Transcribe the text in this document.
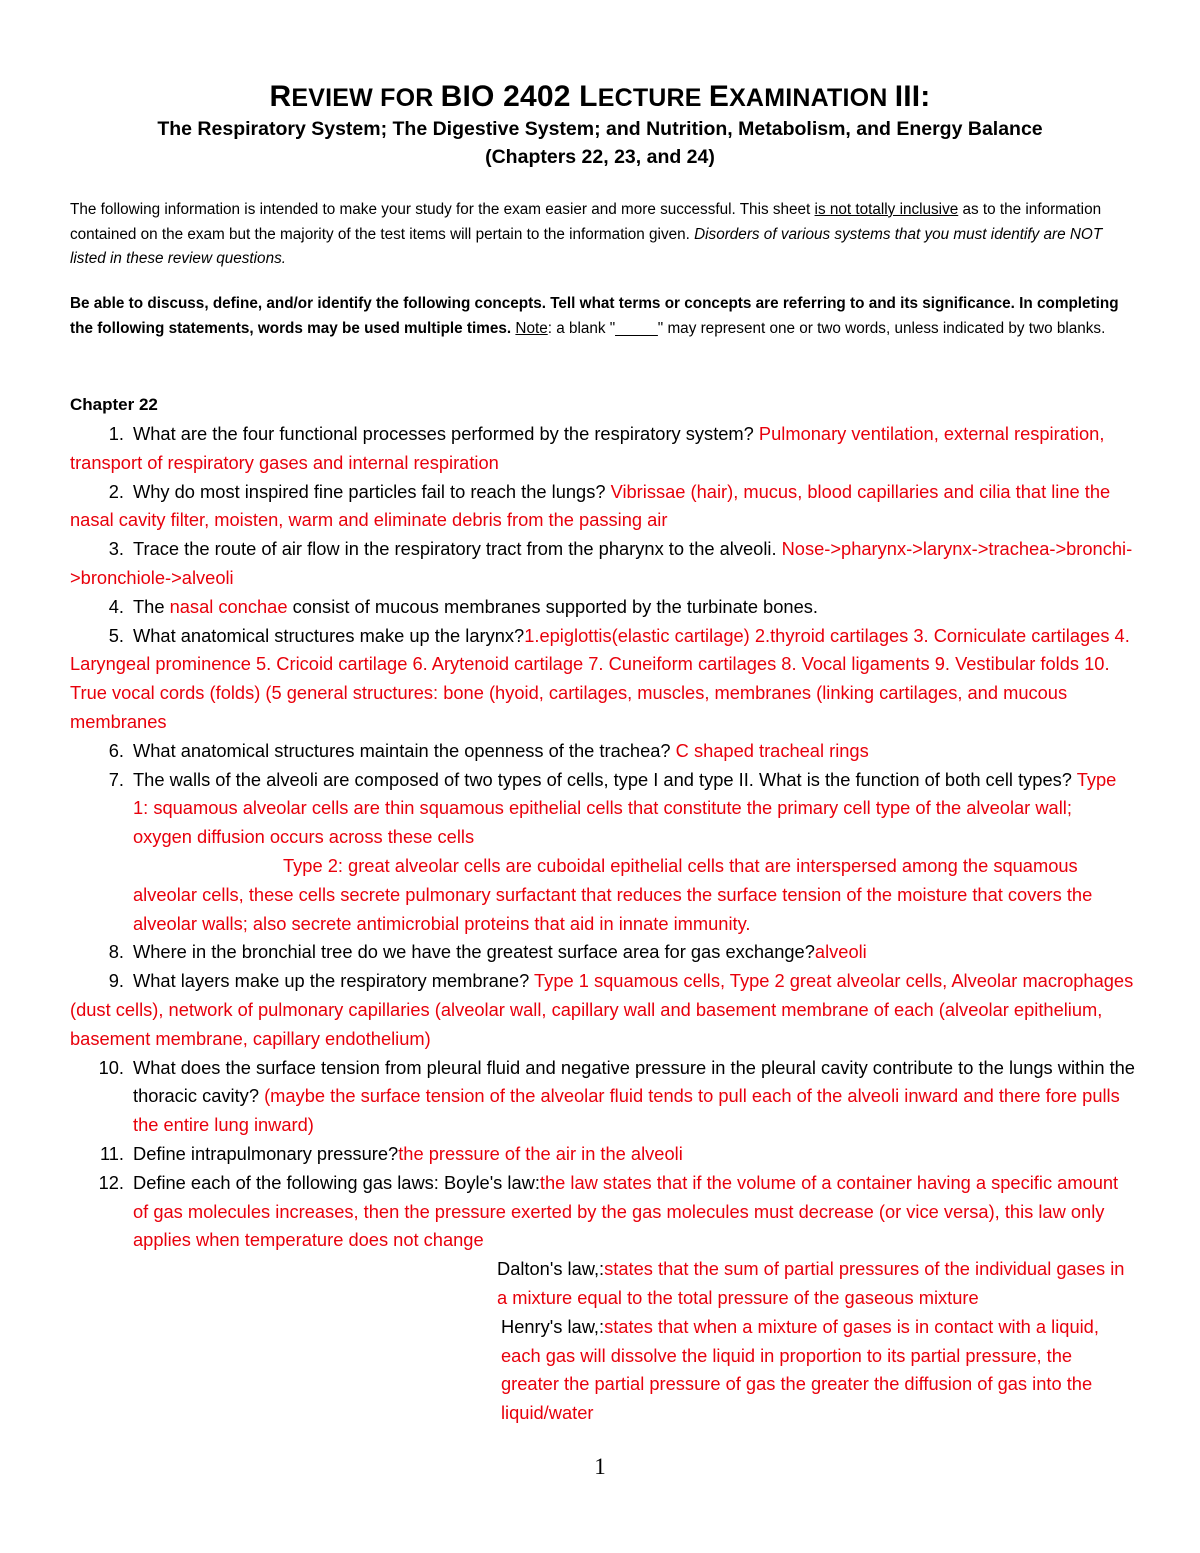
REVIEW FOR BIO 2402 LECTURE EXAMINATION III:
The Respiratory System; The Digestive System; and Nutrition, Metabolism, and Energy Balance
(Chapters 22, 23, and 24)
The following information is intended to make your study for the exam easier and more successful. This sheet is not totally inclusive as to the information contained on the exam but the majority of the test items will pertain to the information given. Disorders of various systems that you must identify are NOT listed in these review questions.
Be able to discuss, define, and/or identify the following concepts. Tell what terms or concepts are referring to and its significance. In completing the following statements, words may be used multiple times. Note: a blank "_____" may represent one or two words, unless indicated by two blanks.
Chapter 22
1. What are the four functional processes performed by the respiratory system? Pulmonary ventilation, external respiration, transport of respiratory gases and internal respiration
2. Why do most inspired fine particles fail to reach the lungs? Vibrissae (hair), mucus, blood capillaries and cilia that line the nasal cavity filter, moisten, warm and eliminate debris from the passing air
3. Trace the route of air flow in the respiratory tract from the pharynx to the alveoli. Nose->pharynx->larynx->trachea->bronchi->bronchiole->alveoli
4. The nasal conchae consist of mucous membranes supported by the turbinate bones.
5. What anatomical structures make up the larynx?1.epiglottis(elastic cartilage) 2.thyroid cartilages 3. Corniculate cartilages 4. Laryngeal prominence 5. Cricoid cartilage 6. Arytenoid cartilage 7. Cuneiform cartilages 8. Vocal ligaments 9. Vestibular folds 10. True vocal cords (folds) (5 general structures: bone (hyoid, cartilages, muscles, membranes (linking cartilages, and mucous membranes
6. What anatomical structures maintain the openness of the trachea? C shaped tracheal rings
7. The walls of the alveoli are composed of two types of cells, type I and type II. What is the function of both cell types? Type 1: squamous alveolar cells are thin squamous epithelial cells that constitute the primary cell type of the alveolar wall; oxygen diffusion occurs across these cells
Type 2: great alveolar cells are cuboidal epithelial cells that are interspersed among the squamous alveolar cells, these cells secrete pulmonary surfactant that reduces the surface tension of the moisture that covers the alveolar walls; also secrete antimicrobial proteins that aid in innate immunity.
8. Where in the bronchial tree do we have the greatest surface area for gas exchange?alveoli
9. What layers make up the respiratory membrane? Type 1 squamous cells, Type 2 great alveolar cells, Alveolar macrophages (dust cells), network of pulmonary capillaries (alveolar wall, capillary wall and basement membrane of each (alveolar epithelium, basement membrane, capillary endothelium)
10. What does the surface tension from pleural fluid and negative pressure in the pleural cavity contribute to the lungs within the thoracic cavity? (maybe the surface tension of the alveolar fluid tends to pull each of the alveoli inward and there fore pulls the entire lung inward)
11. Define intrapulmonary pressure?the pressure of the air in the alveoli
12. Define each of the following gas laws: Boyle's law:the law states that if the volume of a container having a specific amount of gas molecules increases, then the pressure exerted by the gas molecules must decrease (or vice versa), this law only applies when temperature does not change
Dalton's law,:states that the sum of partial pressures of the individual gases in a mixture equal to the total pressure of the gaseous mixture
Henry's law,:states that when a mixture of gases is in contact with a liquid, each gas will dissolve the liquid in proportion to its partial pressure, the greater the partial pressure of gas the greater the diffusion of gas into the liquid/water
1
